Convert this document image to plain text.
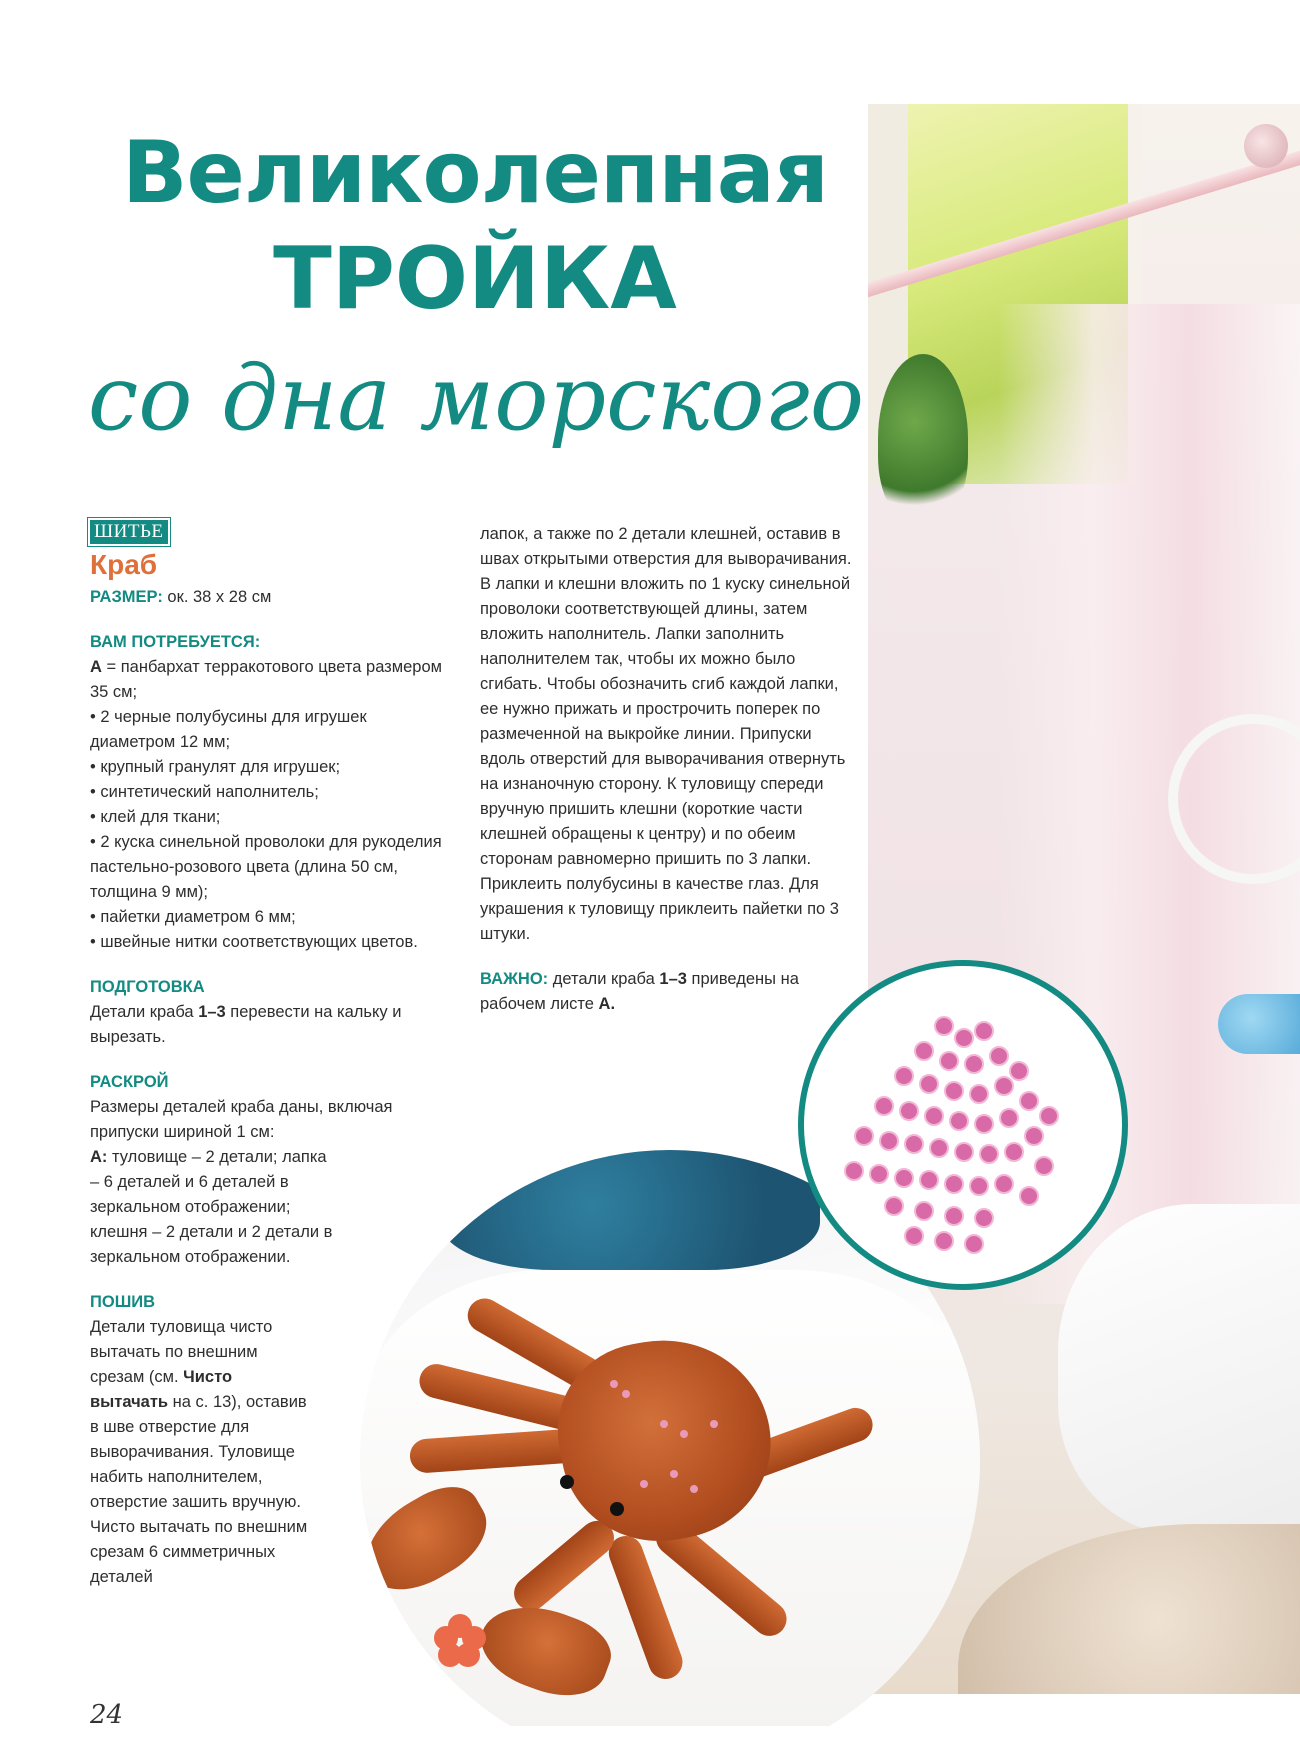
Великолепная
ТРОЙКА
со дна морского
ШИТЬЕ
Краб

РАЗМЕР: ок. 38 х 28 см

ВАМ ПОТРЕБУЕТСЯ:

А = панбархат терракотового цвета размером 35 см;

• 2 черные полубусины для игрушек диаметром 12 мм;

• крупный гранулят для игрушек;

• синтетический наполнитель;

• клей для ткани;

• 2 куска синельной проволоки для рукоделия пастельно-розового цвета (длина 50 см, толщина 9 мм);

• пайетки диаметром 6 мм;

• швейные нитки соответствующих цветов.

ПОДГОТОВКА

Детали краба 1–3 перевести на кальку и вырезать.

РАСКРОЙ

Размеры деталей краба даны, включая припуски шириной 1 см:

А: туловище – 2 детали; лапка – 6 деталей и 6 деталей в зеркальном отображении; клешня – 2 детали и 2 детали в зеркальном отображении.

ПОШИВ

Детали туловища чисто вытачать по внешним срезам (см. Чисто вытачать на с. 13), оставив в шве отверстие для выворачивания. Туловище набить наполнителем, отверстие зашить вручную. Чисто вытачать по внешним срезам 6 симметричных деталей

лапок, а также по 2 детали клешней, оставив в швах открытыми отверстия для выворачивания. В лапки и клешни вложить по 1 куску синельной проволоки соответствующей длины, затем вложить наполнитель. Лапки заполнить наполнителем так, чтобы их можно было сгибать. Чтобы обозначить сгиб каждой лапки, ее нужно прижать и прострочить поперек по размеченной на выкройке линии. Припуски вдоль отверстий для выворачивания отвернуть на изнаночную сторону. К туловищу спереди вручную пришить клешни (короткие части клешней обращены к центру) и по обеим сторонам равномерно пришить по 3 лапки. Приклеить полубусины в качестве глаз. Для украшения к туловищу приклеить пайетки по 3 штуки.

ВАЖНО: детали краба 1–3 приведены на рабочем листе А.

24
